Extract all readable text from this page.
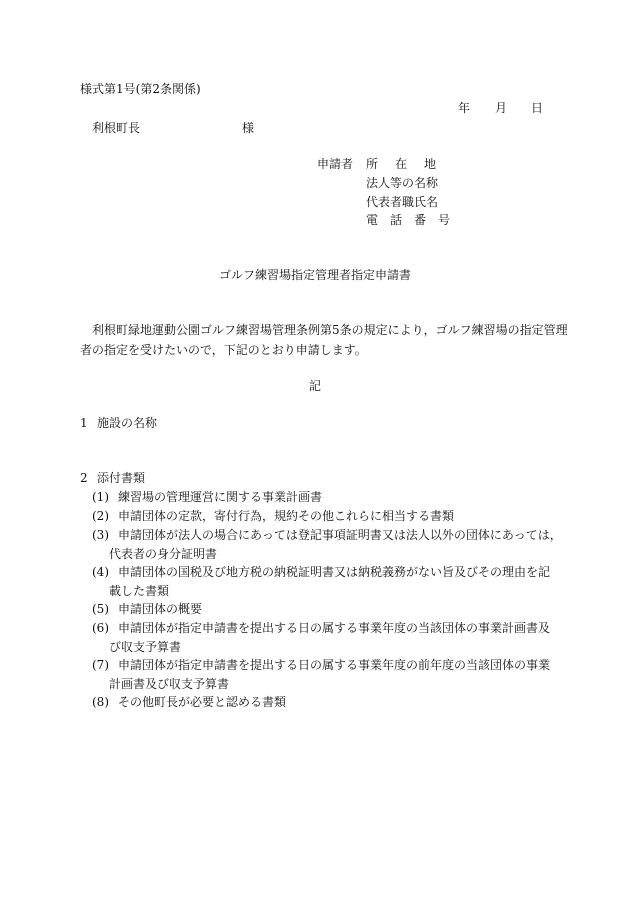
様式第1号(第2条関係)
年 月 日
利根町長	様
申請者 所　在　地
法人等の名称
代表者職氏名
電　話　番　号
ゴルフ練習場指定管理者指定申請書
利根町緑地運動公園ゴルフ練習場管理条例第5条の規定により，ゴルフ練習場の指定管理
者の指定を受けたいので，下記のとおり申請します。
記
1 施設の名称
2 添付書類
(1) 練習場の管理運営に関する事業計画書
(2) 申請団体の定款，寄付行為，規約その他これらに相当する書類
(3) 申請団体が法人の場合にあっては登記事項証明書又は法人以外の団体にあっては，
代表者の身分証明書
(4) 申請団体の国税及び地方税の納税証明書又は納税義務がない旨及びその理由を記
載した書類
(5) 申請団体の概要
(6) 申請団体が指定申請書を提出する日の属する事業年度の当該団体の事業計画書及
び収支予算書
(7) 申請団体が指定申請書を提出する日の属する事業年度の前年度の当該団体の事業
計画書及び収支予算書
(8) その他町長が必要と認める書類
